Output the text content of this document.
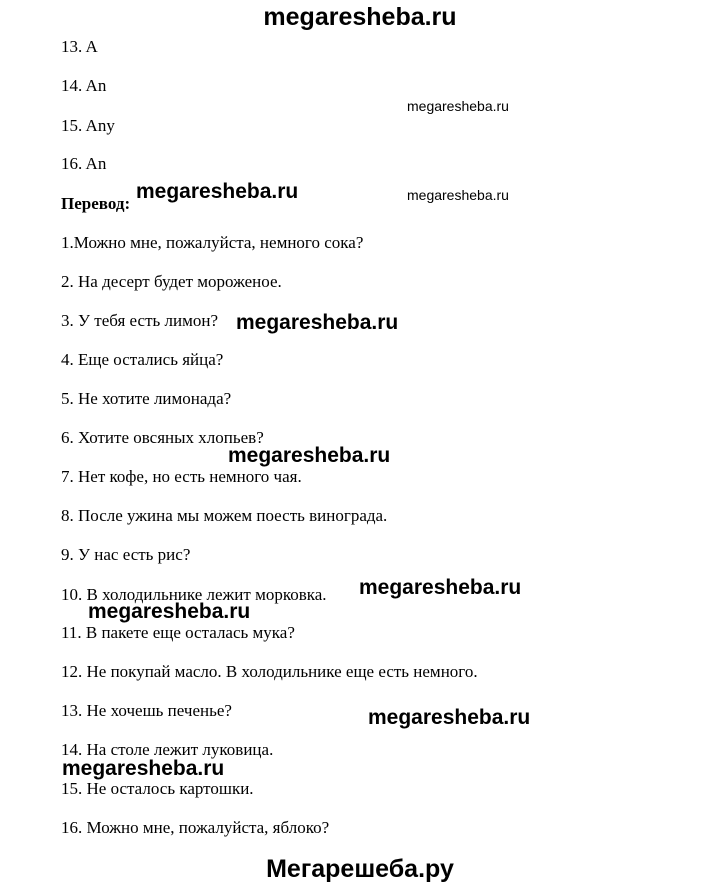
megaresheba.ru
13. A
14. An
15. Any
16. An
Перевод:
1.Можно мне, пожалуйста, немного сока?
2. На десерт будет мороженое.
3. У тебя есть лимон?
4. Еще остались яйца?
5. Не хотите лимонада?
6. Хотите овсяных хлопьев?
7. Нет кофе, но есть немного чая.
8. После ужина мы можем поесть винограда.
9. У нас есть рис?
10. В холодильнике лежит морковка.
11. В пакете еще осталась мука?
12. Не покупай масло. В холодильнике еще есть немного.
13. Не хочешь печенье?
14. На столе лежит луковица.
15. Не осталось картошки.
16. Можно мне, пожалуйста, яблоко?
megaresheba.ru
megaresheba.ru
megaresheba.ru
megaresheba.ru
megaresheba.ru
megaresheba.ru
megaresheba.ru
megaresheba.ru
megaresheba.ru
Мегарешеба.ру
